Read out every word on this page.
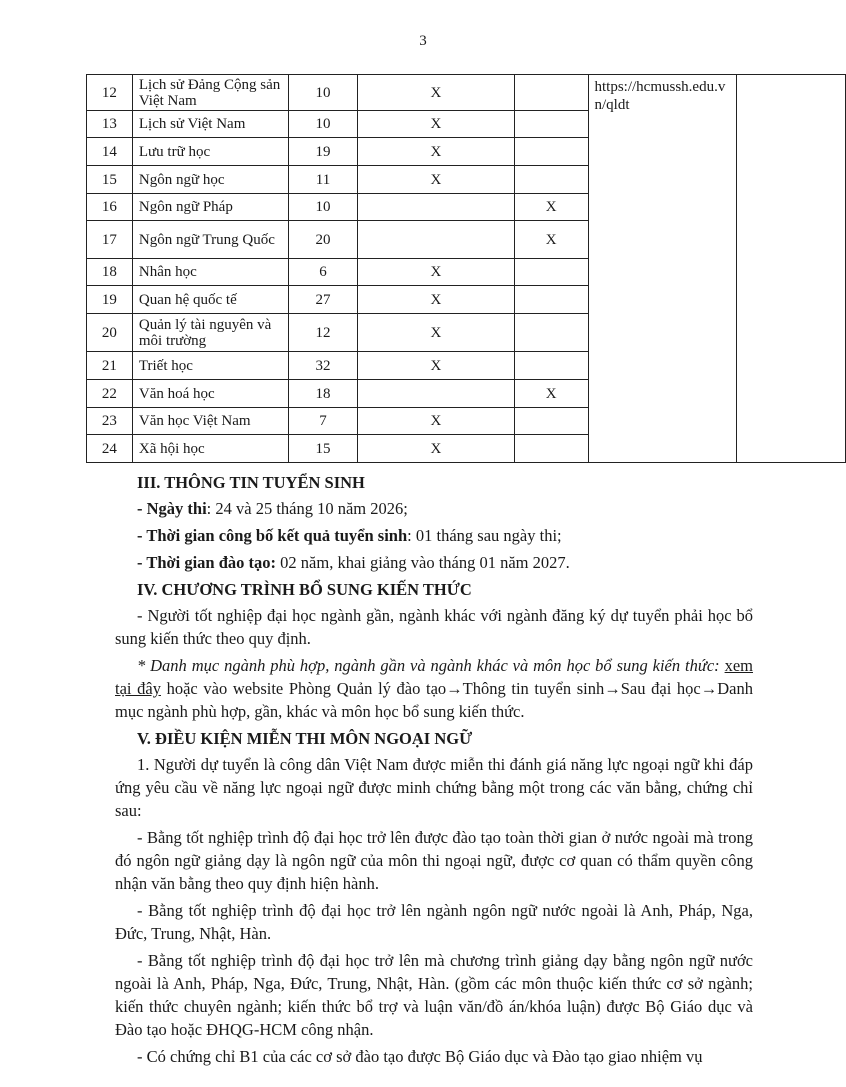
3
12	Lịch sử Đảng Cộng sản Việt Nam	10	X		https://hcmussh.edu.vn/qldt	
13	Lịch sử Việt Nam	10	X			
14	Lưu trữ học	19	X			
15	Ngôn ngữ học	11	X			
16	Ngôn ngữ Pháp	10		X		
17	Ngôn ngữ Trung Quốc	20		X		
18	Nhân học	6	X			
19	Quan hệ quốc tế	27	X			
20	Quản lý tài nguyên và môi trường	12	X			
21	Triết học	32	X			
22	Văn hoá học	18		X		
23	Văn học Việt Nam	7	X			
24	Xã hội học	15	X			
III. THÔNG TIN TUYỂN SINH

- Ngày thi: 24 và 25 tháng 10 năm 2026;

- Thời gian công bố kết quả tuyển sinh: 01 tháng sau ngày thi;

- Thời gian đào tạo: 02 năm, khai giảng vào tháng 01 năm 2027.

IV. CHƯƠNG TRÌNH BỔ SUNG KIẾN THỨC

- Người tốt nghiệp đại học ngành gần, ngành khác với ngành đăng ký dự tuyển phải học bổ sung kiến thức theo quy định.

* Danh mục ngành phù hợp, ngành gần và ngành khác và môn học bổ sung kiến thức: xem tại đây hoặc vào website Phòng Quản lý đào tạo→Thông tin tuyển sinh→Sau đại học→Danh mục ngành phù hợp, gần, khác và môn học bổ sung kiến thức.

V. ĐIỀU KIỆN MIỄN THI MÔN NGOẠI NGỮ

1. Người dự tuyển là công dân Việt Nam được miễn thi đánh giá năng lực ngoại ngữ khi đáp ứng yêu cầu về năng lực ngoại ngữ được minh chứng bằng một trong các văn bằng, chứng chỉ sau:

- Bằng tốt nghiệp trình độ đại học trở lên được đào tạo toàn thời gian ở nước ngoài mà trong đó ngôn ngữ giảng dạy là ngôn ngữ của môn thi ngoại ngữ, được cơ quan có thẩm quyền công nhận văn bằng theo quy định hiện hành.

- Bằng tốt nghiệp trình độ đại học trở lên ngành ngôn ngữ nước ngoài là Anh, Pháp, Nga, Đức, Trung, Nhật, Hàn.

- Bằng tốt nghiệp trình độ đại học trở lên mà chương trình giảng dạy bằng ngôn ngữ nước ngoài là Anh, Pháp, Nga, Đức, Trung, Nhật, Hàn. (gồm các môn thuộc kiến thức cơ sở ngành; kiến thức chuyên ngành; kiến thức bổ trợ và luận văn/đồ án/khóa luận) được Bộ Giáo dục và Đào tạo hoặc ĐHQG-HCM công nhận.

- Có chứng chỉ B1 của các cơ sở đào tạo được Bộ Giáo dục và Đào tạo giao nhiệm vụ
